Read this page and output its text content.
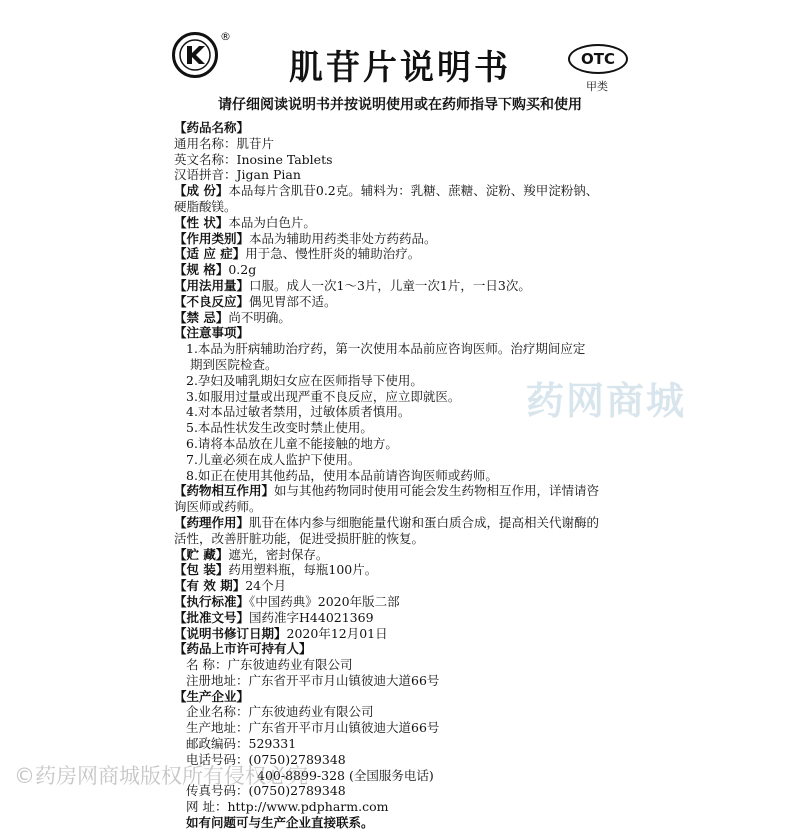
®
肌苷片说明书	OTC
甲类
请仔细阅读说明书并按说明使用或在药师指导下购买和使用
药网商城
【药品名称】
通用名称：肌苷片
英文名称：Inosine Tablets
汉语拼音：Jigan Pian
【成 份】本品每片含肌苷0.2克。辅料为：乳糖、蔗糖、淀粉、羧甲淀粉钠、
硬脂酸镁。
【性 状】本品为白色片。
【作用类别】本品为辅助用药类非处方药药品。
【适 应 症】用于急、慢性肝炎的辅助治疗。
【规 格】0.2g
【用法用量】口服。成人一次1～3片，儿童一次1片，一日3次。
【不良反应】偶见胃部不适。
【禁 忌】尚不明确。
【注意事项】
1.本品为肝病辅助治疗药，第一次使用本品前应咨询医师。治疗期间应定
期到医院检查。
2.孕妇及哺乳期妇女应在医师指导下使用。
3.如服用过量或出现严重不良反应，应立即就医。
4.对本品过敏者禁用，过敏体质者慎用。
5.本品性状发生改变时禁止使用。
6.请将本品放在儿童不能接触的地方。
7.儿童必须在成人监护下使用。
8.如正在使用其他药品，使用本品前请咨询医师或药师。
【药物相互作用】如与其他药物同时使用可能会发生药物相互作用，详情请咨
询医师或药师。
【药理作用】肌苷在体内参与细胞能量代谢和蛋白质合成，提高相关代谢酶的
活性，改善肝脏功能，促进受损肝脏的恢复。
【贮 藏】遮光，密封保存。
【包 装】药用塑料瓶，每瓶100片。
【有 效 期】24个月
【执行标准】《中国药典》2020年版二部
【批准文号】国药准字H44021369
【说明书修订日期】2020年12月01日
【药品上市许可持有人】
名 称：广东彼迪药业有限公司
注册地址：广东省开平市月山镇彼迪大道66号
【生产企业】
企业名称：广东彼迪药业有限公司
生产地址：广东省开平市月山镇彼迪大道66号
邮政编码：529331
电话号码：(0750)2789348
400-8899-328 (全国服务电话)
传真号码：(0750)2789348
网 址：http://www.pdpharm.com
如有问题可与生产企业直接联系。
©药房网商城版权所有侵权必究
